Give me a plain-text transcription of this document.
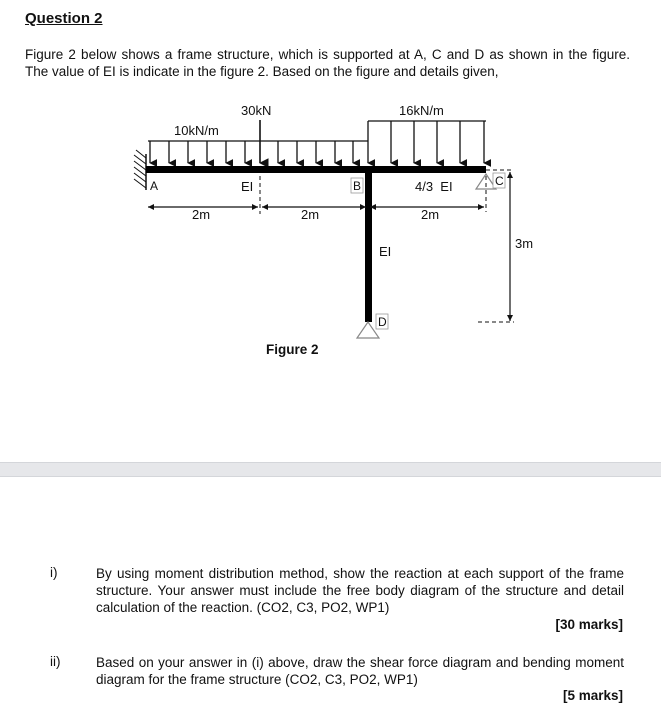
Question 2
Figure 2 below shows a frame structure, which is supported at A, C and D as shown in the figure. The value of EI is indicate in the figure 2. Based on the figure and details given,
30kN
10kN/m
16kN/m
A	B	C
D
EI	4/3  EI
EI
2m	2m	2m
3m
Figure 2
i)	By using moment distribution method, show the reaction at each support of the frame structure. Your answer must include the free body diagram of the structure and detail calculation of the reaction. (CO2, C3, PO2, WP1)
[30 marks]
ii)	Based on your answer in (i) above, draw the shear force diagram and bending moment diagram for the frame structure (CO2, C3, PO2, WP1)
[5 marks]
